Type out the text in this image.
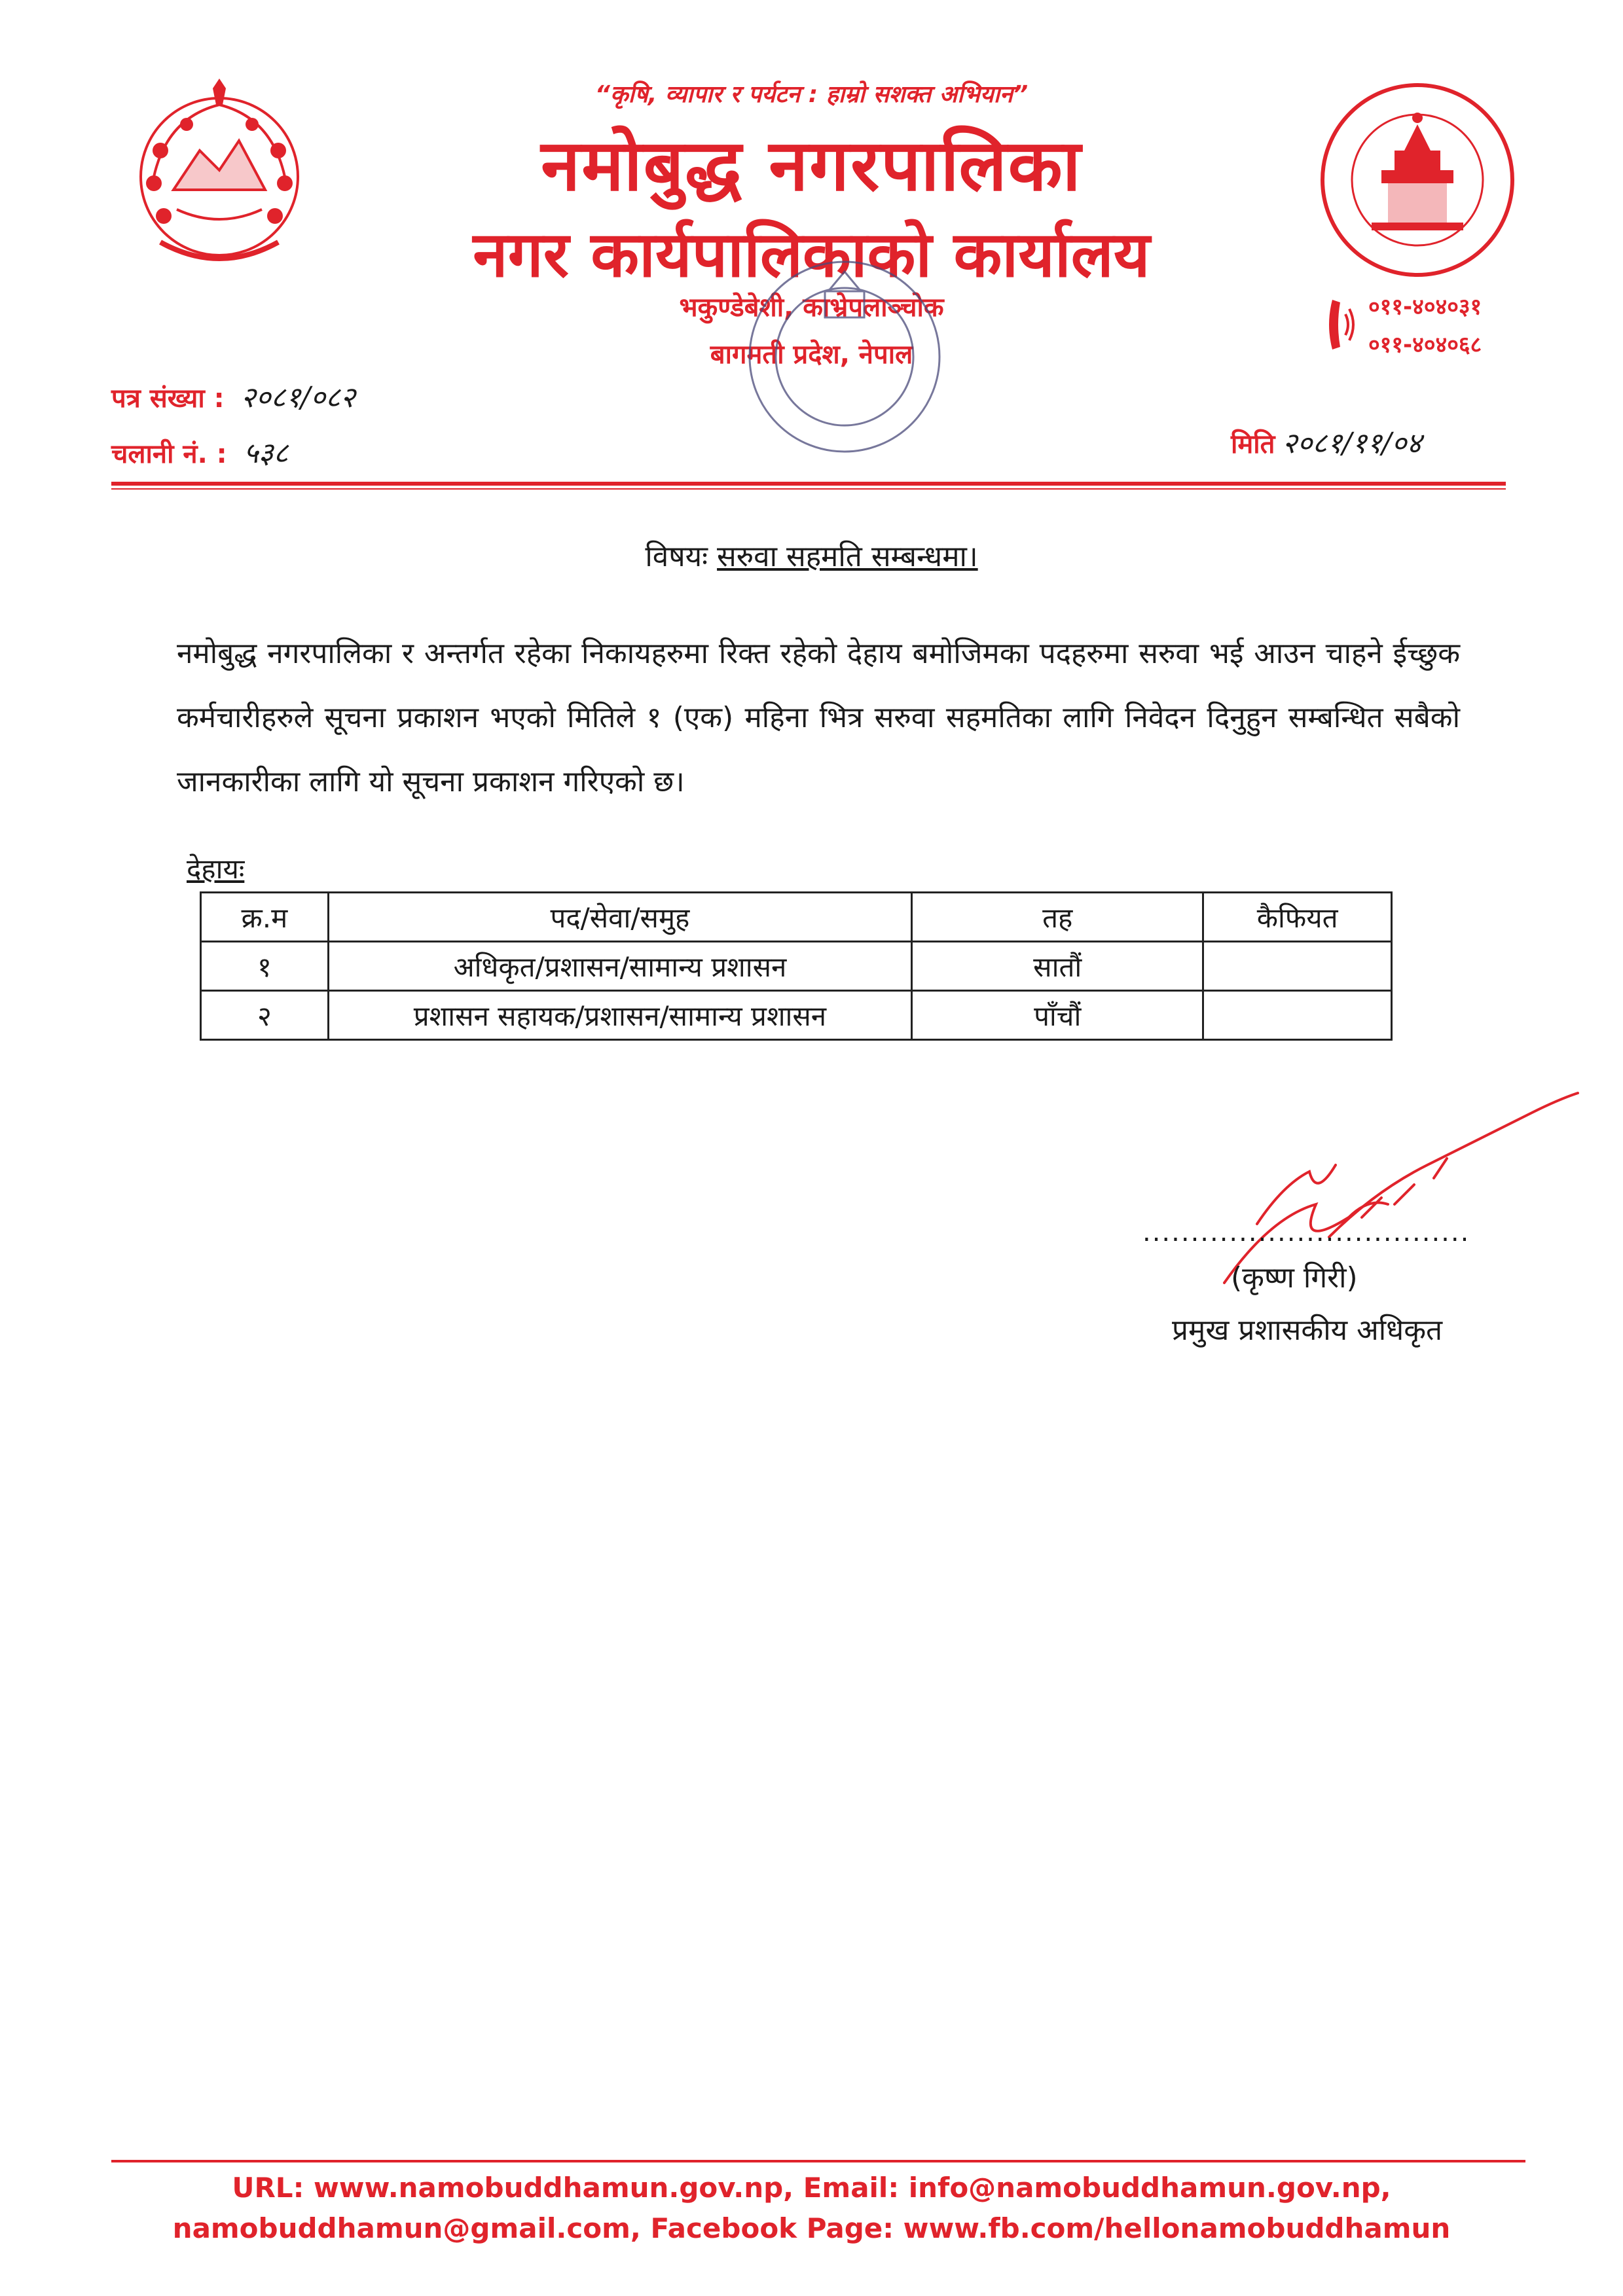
“कृषि, व्यापार र पर्यटन : हाम्रो सशक्त अभियान”
नमोबुद्ध नगरपालिका
नगर कार्यपालिकाको कार्यालय
भकुण्डेबेशी, काभ्रेपलाञ्चोक
बागमती प्रदेश, नेपाल
०११-४०४०३१
०११-४०४०६८
पत्र संख्या : २०८१/०८२
चलानी नं. : ५३८	मिति २०८१/११/०४
विषयः सरुवा सहमति सम्बन्धमा।
नमोबुद्ध नगरपालिका र अन्तर्गत रहेका निकायहरुमा रिक्त रहेको देहाय बमोजिमका पदहरुमा सरुवा भई आउन चाहने ईच्छुक कर्मचारीहरुले सूचना प्रकाशन भएको मितिले १ (एक) महिना भित्र सरुवा सहमतिका लागि निवेदन दिनुहुन सम्बन्धित सबैको जानकारीका लागि यो सूचना प्रकाशन गरिएको छ।
देहायः
क्र.म	पद/सेवा/समुह	तह	कैफियत
१	अधिकृत/प्रशासन/सामान्य प्रशासन	सातौं	
२	प्रशासन सहायक/प्रशासन/सामान्य प्रशासन	पाँचौं	
..................................
(कृष्ण गिरी)
प्रमुख प्रशासकीय अधिकृत
URL: www.namobuddhamun.gov.np, Email: info@namobuddhamun.gov.np,
namobuddhamun@gmail.com, Facebook Page: www.fb.com/hellonamobuddhamun
